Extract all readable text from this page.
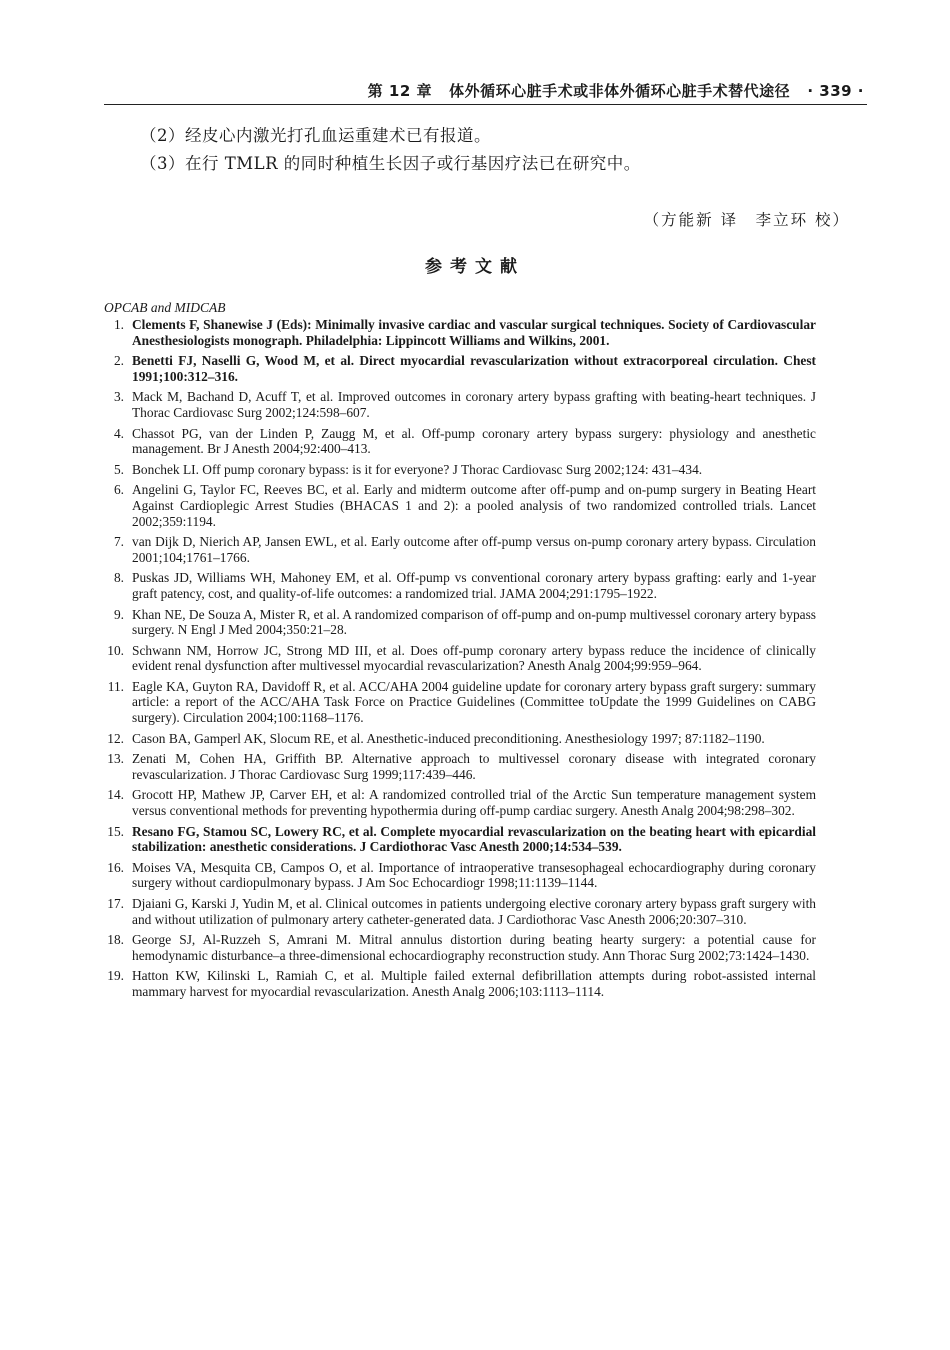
第 12 章 体外循环心脏手术或非体外循环心脏手术替代途径 · 339 ·
（2）经皮心内激光打孔血运重建术已有报道。
（3）在行 TMLR 的同时种植生长因子或行基因疗法已在研究中。
（方能新 译　李立环 校）
参考文献
OPCAB and MIDCAB
1. Clements F, Shanewise J (Eds): Minimally invasive cardiac and vascular surgical techniques. Society of Cardiovascular Anesthesiologists monograph. Philadelphia: Lippincott Williams and Wilkins, 2001.
2. Benetti FJ, Naselli G, Wood M, et al. Direct myocardial revascularization without extracorporeal circulation. Chest 1991;100:312–316.
3. Mack M, Bachand D, Acuff T, et al. Improved outcomes in coronary artery bypass grafting with beating-heart techniques. J Thorac Cardiovasc Surg 2002;124:598–607.
4. Chassot PG, van der Linden P, Zaugg M, et al. Off-pump coronary artery bypass surgery: physiology and anesthetic management. Br J Anesth 2004;92:400–413.
5. Bonchek LI. Off pump coronary bypass: is it for everyone? J Thorac Cardiovasc Surg 2002;124: 431–434.
6. Angelini G, Taylor FC, Reeves BC, et al. Early and midterm outcome after off-pump and on-pump surgery in Beating Heart Against Cardioplegic Arrest Studies (BHACAS 1 and 2): a pooled analysis of two randomized controlled trials. Lancet 2002;359:1194.
7. van Dijk D, Nierich AP, Jansen EWL, et al. Early outcome after off-pump versus on-pump coronary artery bypass. Circulation 2001;104;1761–1766.
8. Puskas JD, Williams WH, Mahoney EM, et al. Off-pump vs conventional coronary artery bypass grafting: early and 1-year graft patency, cost, and quality-of-life outcomes: a randomized trial. JAMA 2004;291:1795–1922.
9. Khan NE, De Souza A, Mister R, et al. A randomized comparison of off-pump and on-pump multivessel coronary artery bypass surgery. N Engl J Med 2004;350:21–28.
10. Schwann NM, Horrow JC, Strong MD III, et al. Does off-pump coronary artery bypass reduce the incidence of clinically evident renal dysfunction after multivessel myocardial revascularization? Anesth Analg 2004;99:959–964.
11. Eagle KA, Guyton RA, Davidoff R, et al. ACC/AHA 2004 guideline update for coronary artery bypass graft surgery: summary article: a report of the ACC/AHA Task Force on Practice Guidelines (Committee toUpdate the 1999 Guidelines on CABG surgery). Circulation 2004;100:1168–1176.
12. Cason BA, Gamperl AK, Slocum RE, et al. Anesthetic-induced preconditioning. Anesthesiology 1997; 87:1182–1190.
13. Zenati M, Cohen HA, Griffith BP. Alternative approach to multivessel coronary disease with integrated coronary revascularization. J Thorac Cardiovasc Surg 1999;117:439–446.
14. Grocott HP, Mathew JP, Carver EH, et al: A randomized controlled trial of the Arctic Sun temperature management system versus conventional methods for preventing hypothermia during off-pump cardiac surgery. Anesth Analg 2004;98:298–302.
15. Resano FG, Stamou SC, Lowery RC, et al. Complete myocardial revascularization on the beating heart with epicardial stabilization: anesthetic considerations. J Cardiothorac Vasc Anesth 2000;14:534–539.
16. Moises VA, Mesquita CB, Campos O, et al. Importance of intraoperative transesophageal echocardiography during coronary surgery without cardiopulmonary bypass. J Am Soc Echocardiogr 1998;11:1139–1144.
17. Djaiani G, Karski J, Yudin M, et al. Clinical outcomes in patients undergoing elective coronary artery bypass graft surgery with and without utilization of pulmonary artery catheter-generated data. J Cardiothorac Vasc Anesth 2006;20:307–310.
18. George SJ, Al-Ruzzeh S, Amrani M. Mitral annulus distortion during beating hearty surgery: a potential cause for hemodynamic disturbance–a three-dimensional echocardiography reconstruction study. Ann Thorac Surg 2002;73:1424–1430.
19. Hatton KW, Kilinski L, Ramiah C, et al. Multiple failed external defibrillation attempts during robot-assisted internal mammary harvest for myocardial revascularization. Anesth Analg 2006;103:1113–1114.
